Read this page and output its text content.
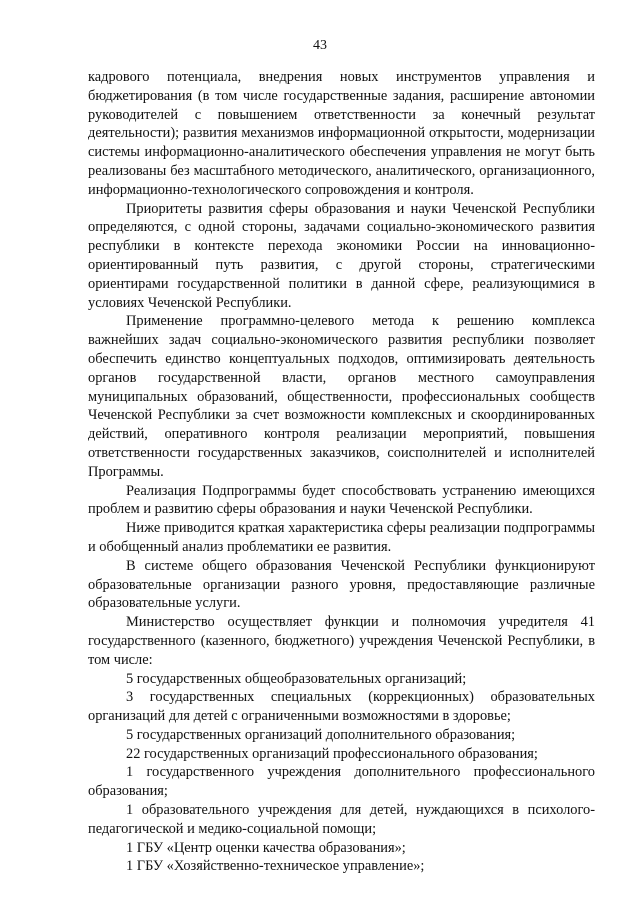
43

кадрового потенциала, внедрения новых инструментов управления и бюджетирования (в том числе государственные задания, расширение автономии руководителей с повышением ответственности за конечный результат деятельности); развития механизмов информационной открытости, модернизации системы информационно-аналитического обеспечения управления не могут быть реализованы без масштабного методического, аналитического, организационного, информационно-технологического сопровождения и контроля.

Приоритеты развития сферы образования и науки Чеченской Республики определяются, с одной стороны, задачами социально-экономического развития республики в контексте перехода экономики России на инновационно-ориентированный путь развития, с другой стороны, стратегическими ориентирами государственной политики в данной сфере, реализующимися в условиях Чеченской Республики.

Применение программно-целевого метода к решению комплекса важнейших задач социально-экономического развития республики позволяет обеспечить единство концептуальных подходов, оптимизировать деятельность органов государственной власти, органов местного самоуправления муниципальных образований, общественности, профессиональных сообществ Чеченской Республики за счет возможности комплексных и скоординированных действий, оперативного контроля реализации мероприятий, повышения ответственности государственных заказчиков, соисполнителей и исполнителей Программы.

Реализация Подпрограммы будет способствовать устранению имеющихся проблем и развитию сферы образования и науки Чеченской Республики.

Ниже приводится краткая характеристика сферы реализации подпрограммы и обобщенный анализ проблематики ее развития.

В системе общего образования Чеченской Республики функционируют образовательные организации разного уровня, предоставляющие различные образовательные услуги.

Министерство осуществляет функции и полномочия учредителя 41 государственного (казенного, бюджетного) учреждения Чеченской Республики, в том числе:

5 государственных общеобразовательных организаций;

3 государственных специальных (коррекционных) образовательных организаций для детей с ограниченными возможностями в здоровье;

5 государственных организаций дополнительного образования;

22 государственных организаций профессионального образования;

1 государственного учреждения дополнительного профессионального образования;

1 образовательного учреждения для детей, нуждающихся в психолого-педагогической и медико-социальной помощи;

1 ГБУ «Центр оценки качества образования»;

1 ГБУ «Хозяйственно-техническое управление»;
